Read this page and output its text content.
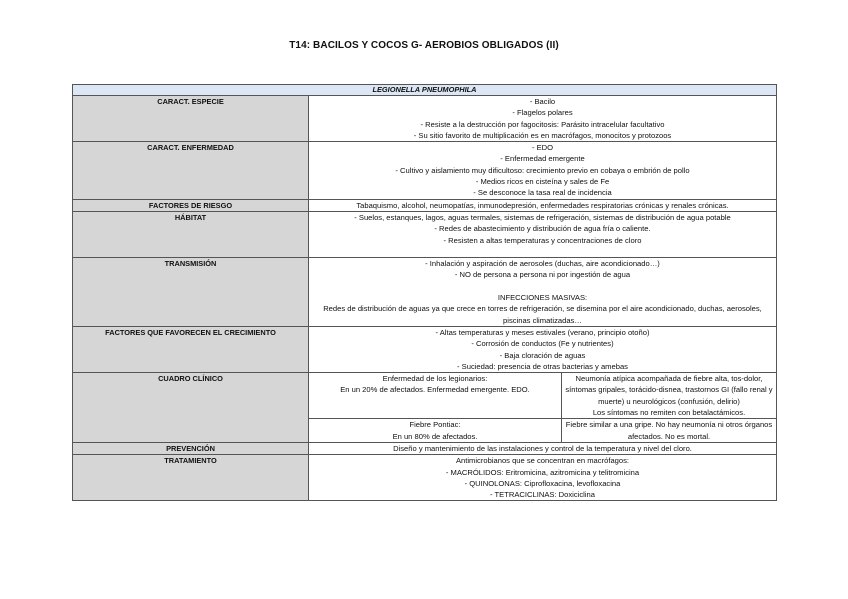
T14: BACILOS Y COCOS G- AEROBIOS OBLIGADOS (II)
LEGIONELLA PNEUMOPHILA		
CARACT. ESPECIE	- Bacilo
- Flagelos polares
- Resiste a la destrucción por fagocitosis: Parásito intracelular facultativo
- Su sitio favorito de multiplicación es en macrófagos, monocitos y protozoos	

CARACT. ENFERMEDAD	- EDO
- Enfermedad emergente
- Cultivo y aislamiento muy dificultoso: crecimiento previo en cobaya o embrión de pollo
- Medios ricos en cisteína y sales de Fe
- Se desconoce la tasa real de incidencia	

FACTORES DE RIESGO	Tabaquismo, alcohol, neumopatías, inmunodepresión, enfermedades respiratorias crónicas y renales crónicas.	

HÁBITAT	- Suelos, estanques, lagos, aguas termales, sistemas de refrigeración, sistemas de distribución de agua potable
- Redes de abastecimiento y distribución de agua fría o caliente.
- Resisten a altas temperaturas y concentraciones de cloro	

TRANSMISIÓN	- Inhalación y aspiración de aerosoles (duchas, aire acondicionado…)
- NO de persona a persona ni por ingestión de agua
INFECCIONES MASIVAS:
Redes de distribución de aguas ya que crece en torres de refrigeración, se disemina por el aire acondicionado, duchas, aerosoles, piscinas climatizadas…	

FACTORES QUE FAVORECEN EL CRECIMIENTO	- Altas temperaturas y meses estivales (verano, principio otoño)
- Corrosión de conductos (Fe y nutrientes)
- Baja cloración de aguas
- Suciedad: presencia de otras bacterias y amebas	

CUADRO CLÍNICO	Enfermedad de los legionarios:
En un 20% de afectados. Enfermedad emergente. EDO.	Neumonía atípica acompañada de fiebre alta, tos-dolor, síntomas gripales, torácido-disnea, trastornos GI (fallo renal y muerte) u neurológicos (confusión, delirio)
Los síntomas no remiten con betalactámicos.

	Fiebre Pontiac:
En un 80% de afectados.	Fiebre similar a una gripe. No hay neumonía ni otros órganos afectados. No es mortal.

PREVENCIÓN	Diseño y mantenimiento de las instalaciones y control de la temperatura y nivel del cloro.	

TRATAMIENTO	Antimicrobianos que se concentran en macrófagos:
- MACRÓLIDOS: Eritromicina, azitromicina y telitromicina
- QUINOLONAS: Ciprofloxacina, levofloxacina
- TETRACICLINAS: Doxiciclina	
